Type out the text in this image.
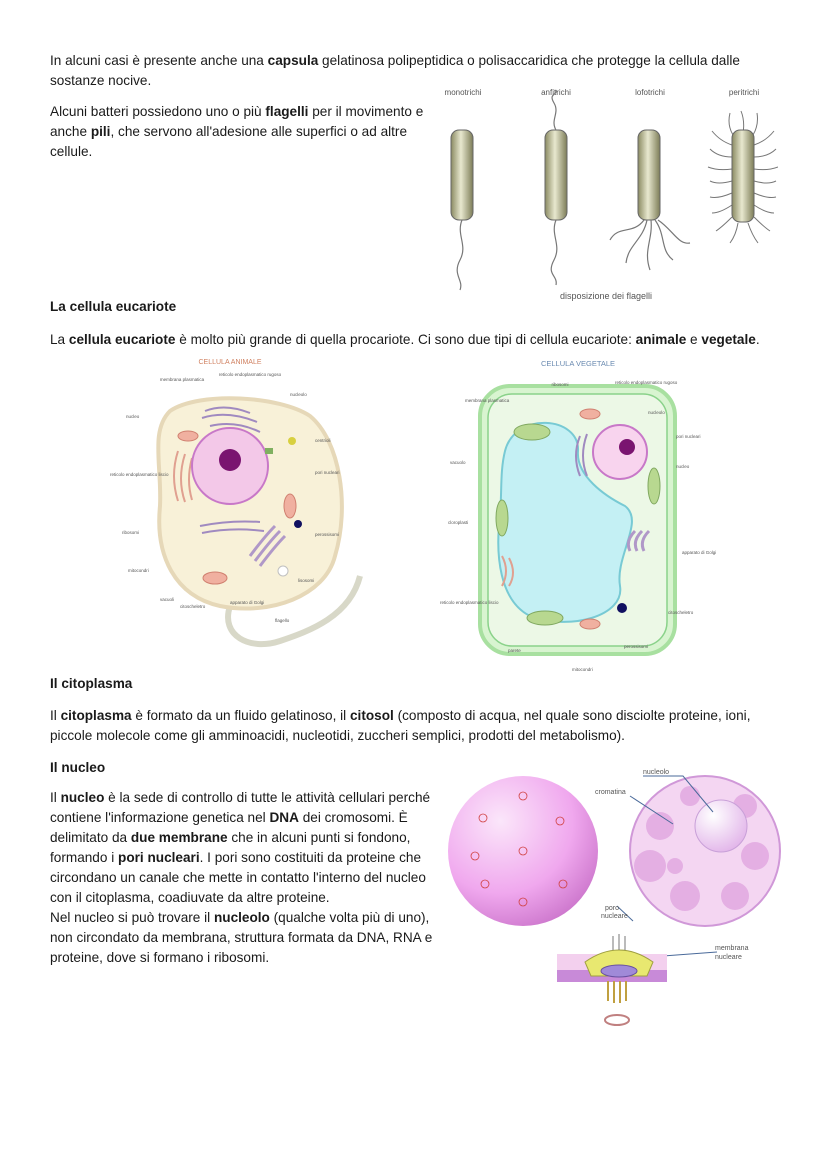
In alcuni casi è presente anche una capsula gelatinosa polipeptidica o polisaccaridica che protegge la cellula dalle sostanze nocive.
Alcuni batteri possiedono uno o più flagelli per il movimento e anche pili, che servono all'adesione alle superfici o ad altre cellule.
monotrichi	anfitrichi	lofotrichi	peritrichi
disposizione dei flagelli
La cellula eucariote
La cellula eucariote è molto più grande di quella procariote. Ci sono due tipi di cellula eucariote: animale e vegetale.
CELLULA ANIMALE
membrana plasmatica
reticolo endoplasmatico rugoso
nucleolo
nucleo
centrioli
pori nucleari
reticolo endoplasmatico liscio
ribosomi	perossisomi
mitocondri
lisosomi
vacuoli
citoscheletro
apparato di Golgi
flagello
CELLULA VEGETALE
ribosomi	reticolo endoplasmatico rugoso
membrana plasmatica
nucleolo
pori nucleari
vacuolo
nucleo
cloroplasti
apparato di Golgi
reticolo endoplasmatico liscio
citoscheletro
parete
perossisomi
mitocondri
Il citoplasma
Il citoplasma è formato da un fluido gelatinoso, il citosol (composto di acqua, nel quale sono disciolte proteine, ioni, piccole molecole come gli amminoacidi, nucleotidi, zuccheri semplici, prodotti del metabolismo).
Il nucleo
Il nucleo è la sede di controllo di tutte le attività cellulari perché contiene l'informazione genetica nel DNA dei cromosomi. È delimitato da due membrane che in alcuni punti si fondono, formando i pori nucleari. I pori sono costituiti da proteine che circondano un canale che mette in contatto l'interno del nucleo con il citoplasma, coadiuvate da altre proteine.
Nel nucleo si può trovare il nucleolo (qualche volta più di uno), non circondato da membrana, struttura formata da DNA, RNA e proteine, dove si formano i ribosomi.
nucleolo
cromatina
poro
nucleare
membrana
nucleare
